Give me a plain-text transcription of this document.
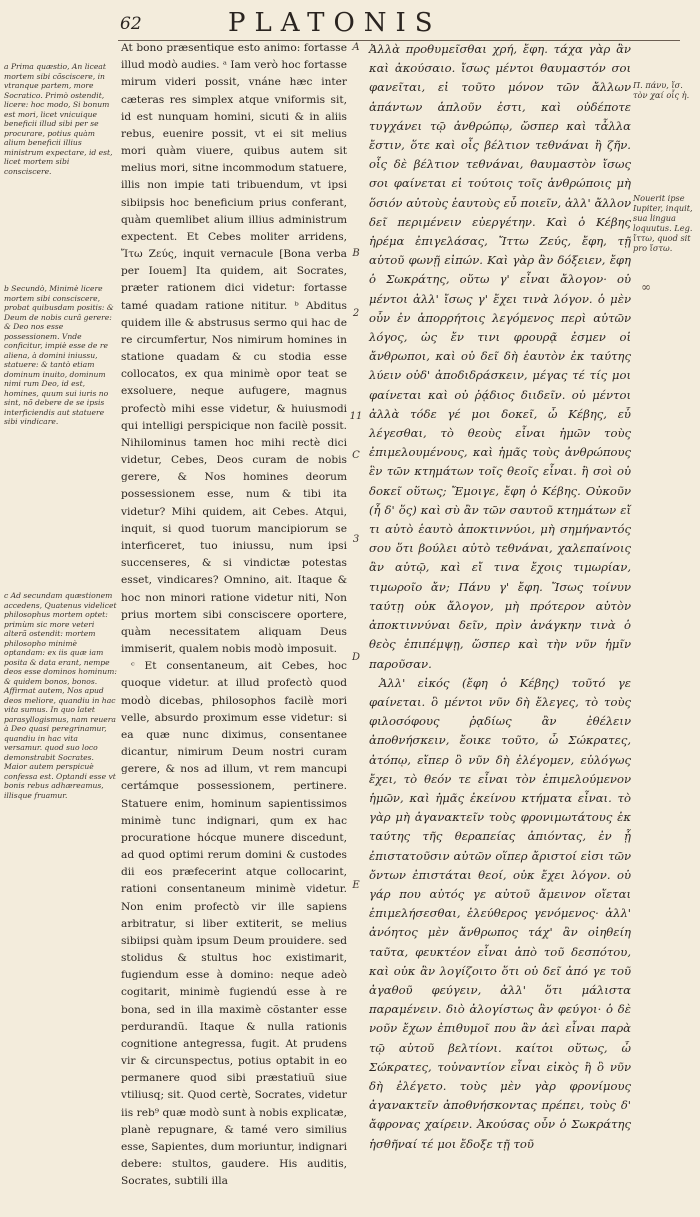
62	PLATONIS

a Prima quæstio, An liceat mortem sibi cõsciscere, in vtranque partem, more Socratico. Primò ostendit, licere: hoc modo, Si bonum est mori, licet vnicuique beneficii illud sibi per se procurare, potius quàm alium beneficii illius ministrum expectare, id est, licet mortem sibi consciscere.

b Secundò, Minimè licere mortem sibi consciscere, probat quibusdam positis: & Deum de nobis curâ gerere: & Deo nos esse possessionem. Vnde conficitur, impiè esse de re aliena, à domini iniussu, statuere: & tantò etiam dominum inuito, dominum nimi rum Deo, id est, homines, quum sui iuris no sint, nõ debere de se ipsis interficiendis aut statuere sibi vindicare.

c Ad secundam quæstionem accedens, Quatenus videlicet philosophus mortem optet: primùm sic more veteri alterã ostendit: mortem philosopho minimè optandam: ex iis quæ iam posita & data erant, nempe deos esse dominos hominum: & quidem bonos, bonos. Affirmat autem, Nos apud deos meliore, quandiu in hac vita sumus. In quo latet parasyllogismus, nam reuera à Deo quasi peregrinamur, quandiu in hac vita versamur. quod suo loco demonstrabit Socrates. Maior autem perspicuè confessa est. Optandi esse vt bonis rebus adhæreamus, illisque fruamur.

At bono præsentique esto animo: fortasse illud modò audies. ᵃ Iam verò hoc fortasse mirum videri possit, vnáne hæc inter cæteras res simplex atque vniformis sit, id est nunquam homini, sicuti & in aliis rebus, euenire possit, vt ei sit melius mori quàm viuere, quibus autem sit melius mori, sitne incommodum statuere, illis non impie tati tribuendum, vt ipsi sibiipsis hoc beneficium prius conferant, quàm quemlibet alium illius administrum expectent. Et Cebes moliter arridens, Ἴτω Ζεύς, inquit vernacule [Bona verba per Iouem] Ita quidem, ait Socrates, præter rationem dici videtur: fortasse tamé quadam ratione nititur. ᵇ Abditus quidem ille & abstrusus sermo qui hac de re circumfertur, Nos nimirum homines in statione quadam & cu stodia esse collocatos, ex qua minimè opor teat se exsoluere, neque aufugere, magnus profectò mihi esse videtur, & huiusmodi qui intelligi perspicique non facilè possit. Nihilominus tamen hoc mihi rectè dici videtur, Cebes, Deos curam de nobis gerere, & Nos homines deorum possessionem esse, num & tibi ita videtur? Mihi quidem, ait Cebes. Atqui, inquit, si quod tuorum mancipiorum se interficeret, tuo iniussu, num ipsi succenseres, & si vindictæ potestas esset, vindicares? Omnino, ait. Itaque & hoc non minori ratione videtur niti, Non prius mortem sibi consciscere oportere, quàm necessitatem aliquam Deus immiserit, qualem nobis modò imposuit.

ᶜ Et consentaneum, ait Cebes, hoc quoque videtur. at illud profectò quod modò dicebas, philosophos facilè mori velle, absurdo proximum esse videtur: si ea quæ nunc diximus, consentanee dicantur, nimirum Deum nostri curam gerere, & nos ad illum, vt rem mancupi certámque possessionem, pertinere. Statuere enim, hominum sapientissimos minimè tunc indignari, qum ex hac procuratione hócque munere discedunt, ad quod optimi rerum domini & custodes dii eos præfecerint atque collocarint, rationi consentaneum minimè videtur. Non enim profectò vir ille sapiens arbitratur, si liber extiterit, se melius sibiipsi quàm ipsum Deum prouidere. sed stolidus & stultus hoc existimarit, fugiendum esse à domino: neque adeò cogitarit, minimè fugiendú esse à re bona, sed in illa maximè cõstanter esse perdurandũ. Itaque & nulla rationis cognitione antegressa, fugit. At prudens vir & circunspectus, potius optabit in eo permanere quod sibi præstatiuũ siue vtiliusq; sit. Quod certè, Socrates, videtur iis reb⁹ quæ modò sunt à nobis explicatæ, planè repugnare, & tamé vero similius esse, Sapientes, dum moriuntur, indignari debere: stultos, gaudere. His auditis, Socrates, subtili illa

A
B
2
11
C
3
D
E

Ἀλλὰ προθυμεῖσθαι χρή, ἔφη. τάχα γὰρ ἂν καὶ ἀκούσαιο. ἴσως μέντοι θαυμαστόν σοι φανεῖται, εἰ τοῦτο μόνον τῶν ἄλλων ἁπάντων ἁπλοῦν ἐστι, καὶ οὐδέποτε τυγχάνει τῷ ἀνθρώπῳ, ὥσπερ καὶ τἆλλα ἔστιν, ὅτε καὶ οἷς βέλτιον τεθνάναι ἢ ζῆν. οἷς δὲ βέλτιον τεθνάναι, θαυμαστὸν ἴσως σοι φαίνεται εἰ τούτοις τοῖς ἀνθρώποις μὴ ὅσιόν αὐτοὺς ἑαυτοὺς εὖ ποιεῖν, ἀλλ' ἄλλον δεῖ περιμένειν εὐεργέτην. Καὶ ὁ Κέβης ἠρέμα ἐπιγελάσας, Ἴττω Ζεύς, ἔφη, τῇ αὑτοῦ φωνῇ εἰπών. Καὶ γὰρ ἂν δόξειεν, ἔφη ὁ Σωκράτης, οὕτω γ' εἶναι ἄλογον· οὐ μέντοι ἀλλ' ἴσως γ' ἔχει τινὰ λόγον. ὁ μὲν οὖν ἐν ἀπορρήτοις λεγόμενος περὶ αὐτῶν λόγος, ὡς ἔν τινι φρουρᾷ ἐσμεν οἱ ἄνθρωποι, καὶ οὐ δεῖ δὴ ἑαυτὸν ἐκ ταύτης λύειν οὐδ' ἀποδιδράσκειν, μέγας τέ τίς μοι φαίνεται καὶ οὐ ῥᾴδιος διιδεῖν. οὐ μέντοι ἀλλὰ τόδε γέ μοι δοκεῖ, ὦ Κέβης, εὖ λέγεσθαι, τὸ θεοὺς εἶναι ἡμῶν τοὺς ἐπιμελουμένους, καὶ ἡμᾶς τοὺς ἀνθρώπους ἓν τῶν κτημάτων τοῖς θεοῖς εἶναι. ἢ σοὶ οὐ δοκεῖ οὕτως; Ἔμοιγε, ἔφη ὁ Κέβης. Οὐκοῦν (ἦ δ' ὅς) καὶ σὺ ἂν τῶν σαυτοῦ κτημάτων εἴ τι αὐτὸ ἑαυτὸ ἀποκτιννύοι, μὴ σημήναντός σου ὅτι βούλει αὐτὸ τεθνάναι, χαλεπαίνοις ἂν αὐτῷ, καὶ εἴ τινα ἔχοις τιμωρίαν, τιμωροῖο ἄν; Πάνυ γ' ἔφη. Ἴσως τοίνυν ταύτῃ οὐκ ἄλογον, μὴ πρότερον αὑτὸν ἀποκτιννύναι δεῖν, πρὶν ἀνάγκην τινὰ ὁ θεὸς ἐπιπέμψῃ, ὥσπερ καὶ τὴν νῦν ἡμῖν παροῦσαν.

Ἀλλ' εἰκός (ἔφη ὁ Κέβης) τοῦτό γε φαίνεται. ὃ μέντοι νῦν δὴ ἔλεγες, τὸ τοὺς φιλοσόφους ῥᾳδίως ἂν ἐθέλειν ἀποθνήσκειν, ἔοικε τοῦτο, ὦ Σώκρατες, ἀτόπῳ, εἴπερ ὃ νῦν δὴ ἐλέγομεν, εὐλόγως ἔχει, τὸ θεόν τε εἶναι τὸν ἐπιμελούμενον ἡμῶν, καὶ ἡμᾶς ἐκείνου κτήματα εἶναι. τὸ γὰρ μὴ ἀγανακτεῖν τοὺς φρονιμωτάτους ἐκ ταύτης τῆς θεραπείας ἀπιόντας, ἐν ᾗ ἐπιστατοῦσιν αὐτῶν οἵπερ ἄριστοί εἰσι τῶν ὄντων ἐπιστάται θεοί, οὐκ ἔχει λόγον. οὐ γάρ που αὐτός γε αὑτοῦ ἄμεινον οἴεται ἐπιμελήσεσθαι, ἐλεύθερος γενόμενος· ἀλλ' ἀνόητος μὲν ἄνθρωπος τάχ' ἂν οἰηθείη ταῦτα, φευκτέον εἶναι ἀπὸ τοῦ δεσπότου, καὶ οὐκ ἂν λογίζοιτο ὅτι οὐ δεῖ ἀπό γε τοῦ ἀγαθοῦ φεύγειν, ἀλλ' ὅτι μάλιστα παραμένειν. διὸ ἀλογίστως ἂν φεύγοι· ὁ δὲ νοῦν ἔχων ἐπιθυμοῖ που ἂν ἀεὶ εἶναι παρὰ τῷ αὑτοῦ βελτίονι. καίτοι οὕτως, ὦ Σώκρατες, τοὐναντίον εἶναι εἰκὸς ἢ ὃ νῦν δὴ ἐλέγετο. τοὺς μὲν γὰρ φρονίμους ἀγανακτεῖν ἀποθνήσκοντας πρέπει, τοὺς δ' ἄφρονας χαίρειν. Ἀκούσας οὖν ὁ Σωκράτης ἡσθῆναί τέ μοι ἔδοξε τῇ τοῦ

Π. πάνυ, ἴσ. τὸν χαί οἷς ἡ.

Nouerit ipse Iupiter, inquit, sua lingua loquutus. Leg. ἴττω, quod sit pro ἴστω.

∞
